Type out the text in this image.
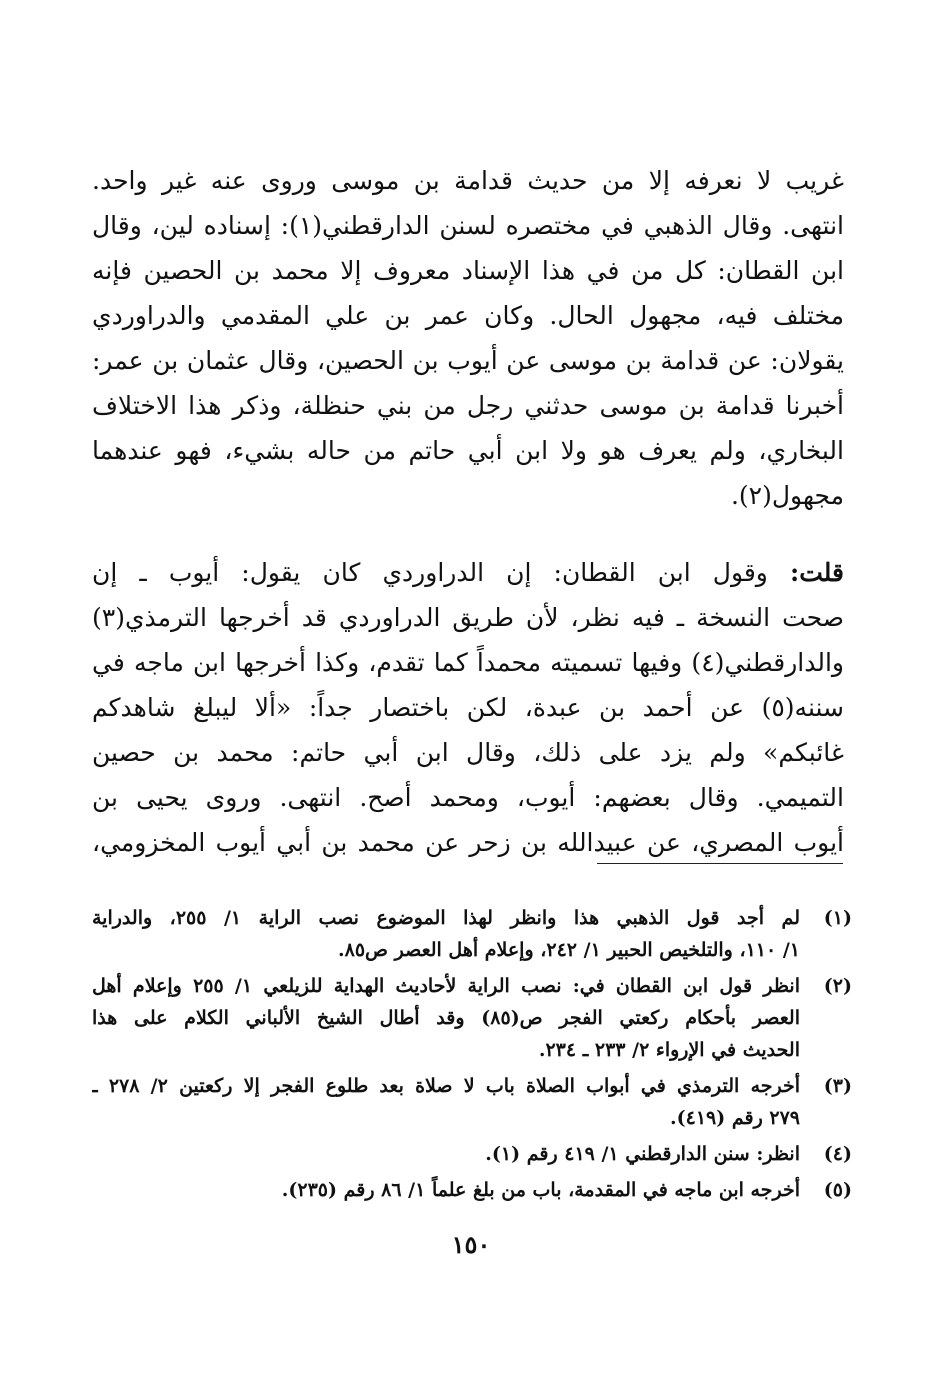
غريب لا نعرفه إلا من حديث قدامة بن موسى وروى عنه غير واحد.
انتهى. وقال الذهبي في مختصره لسنن الدارقطني(١): إسناده لين، وقال
ابن القطان: كل من في هذا الإسناد معروف إلا محمد بن الحصين فإنه
مختلف فيه، مجهول الحال. وكان عمر بن علي المقدمي والدراوردي
يقولان: عن قدامة بن موسى عن أيوب بن الحصين، وقال عثمان بن عمر:
أخبرنا قدامة بن موسى حدثني رجل من بني حنظلة، وذكر هذا الاختلاف
البخاري، ولم يعرف هو ولا ابن أبي حاتم من حاله بشيء، فهو عندهما
مجهول(٢).
قلت: وقول ابن القطان: إن الدراوردي كان يقول: أيوب ـ إن
صحت النسخة ـ فيه نظر، لأن طريق الدراوردي قد أخرجها الترمذي(٣)
والدارقطني(٤) وفيها تسميته محمداً كما تقدم، وكذا أخرجها ابن ماجه في
سننه(٥) عن أحمد بن عبدة، لكن باختصار جداً: «ألا ليبلغ شاهدكم
غائبكم» ولم يزد على ذلك، وقال ابن أبي حاتم: محمد بن حصين
التميمي. وقال بعضهم: أيوب، ومحمد أصح. انتهى. وروى يحيى بن
أيوب المصري، عن عبيدالله بن زحر عن محمد بن أبي أيوب المخزومي،
(١)
لم أجد قول الذهبي هذا وانظر لهذا الموضوع نصب الراية ١/ ٢٥٥، والدراية
١/ ١١٠، والتلخيص الحبير ١/ ٢٤٢، وإعلام أهل العصر ص٨٥.
(٢)
انظر قول ابن القطان في: نصب الراية لأحاديث الهداية للزيلعي ١/ ٢٥٥ وإعلام أهل
العصر بأحكام ركعتي الفجر ص(٨٥) وقد أطال الشيخ الألباني الكلام على هذا
الحديث في الإرواء ٢/ ٢٣٣ ـ ٢٣٤.
(٣)
أخرجه الترمذي في أبواب الصلاة باب لا صلاة بعد طلوع الفجر إلا ركعتين ٢/ ٢٧٨ ـ
٢٧٩ رقم (٤١٩).
(٤)
انظر: سنن الدارقطني ١/ ٤١٩ رقم (١).
(٥)
أخرجه ابن ماجه في المقدمة، باب من بلغ علماً ١/ ٨٦ رقم (٢٣٥).
١٥٠
